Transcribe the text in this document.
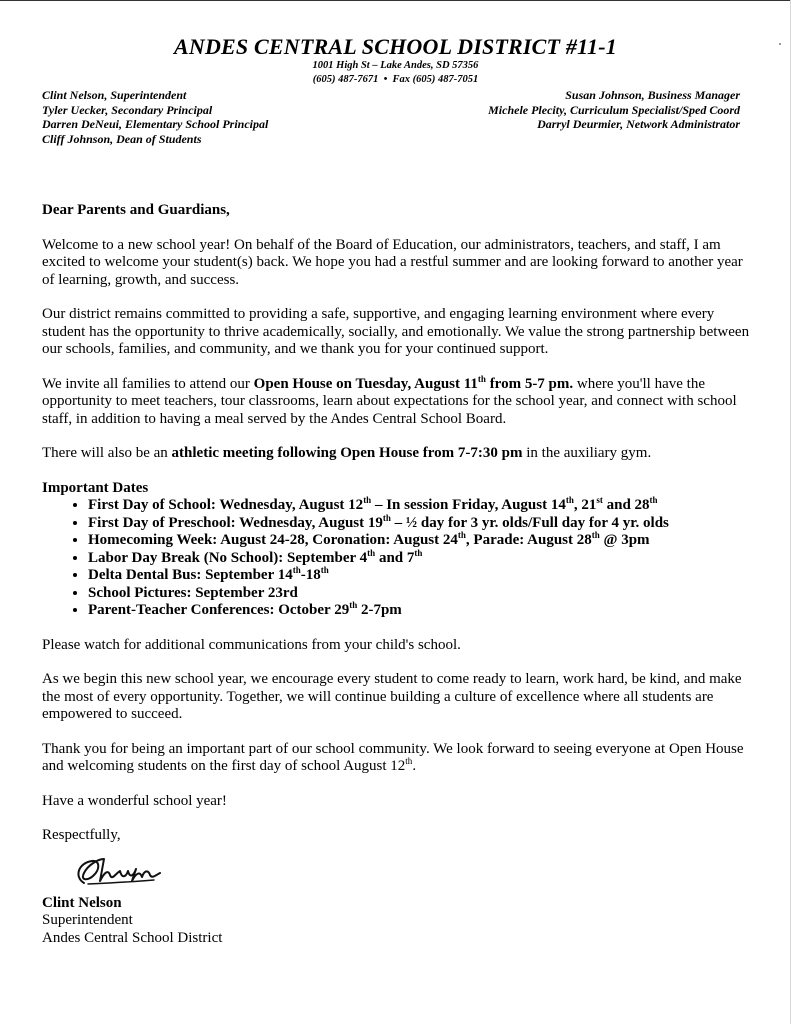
ANDES CENTRAL SCHOOL DISTRICT #11-1
1001 High St – Lake Andes, SD 57356
(605) 487-7671 • Fax (605) 487-7051
Clint Nelson, Superintendent
Tyler Uecker, Secondary Principal
Darren DeNeui, Elementary School Principal
Cliff Johnson, Dean of Students
Susan Johnson, Business Manager
Michele Plecity, Curriculum Specialist/Sped Coord
Darryl Deurmier, Network Administrator

Dear Parents and Guardians,

Welcome to a new school year! On behalf of the Board of Education, our administrators, teachers, and staff, I am excited to welcome your student(s) back. We hope you had a restful summer and are looking forward to another year of learning, growth, and success.

Our district remains committed to providing a safe, supportive, and engaging learning environment where every student has the opportunity to thrive academically, socially, and emotionally. We value the strong partnership between our schools, families, and community, and we thank you for your continued support.

We invite all families to attend our Open House on Tuesday, August 11th from 5-7 pm. where you'll have the opportunity to meet teachers, tour classrooms, learn about expectations for the school year, and connect with school staff, in addition to having a meal served by the Andes Central School Board.

There will also be an athletic meeting following Open House from 7-7:30 pm in the auxiliary gym.

Important Dates

• First Day of School: Wednesday, August 12th – In session Friday, August 14th, 21st and 28th
• First Day of Preschool: Wednesday, August 19th – ½ day for 3 yr. olds/Full day for 4 yr. olds
• Homecoming Week: August 24-28, Coronation: August 24th, Parade: August 28th @ 3pm
• Labor Day Break (No School): September 4th and 7th
• Delta Dental Bus: September 14th-18th
• School Pictures: September 23rd
• Parent-Teacher Conferences: October 29th 2-7pm

Please watch for additional communications from your child's school.

As we begin this new school year, we encourage every student to come ready to learn, work hard, be kind, and make the most of every opportunity. Together, we will continue building a culture of excellence where all students are empowered to succeed.

Thank you for being an important part of our school community. We look forward to seeing everyone at Open House and welcoming students on the first day of school August 12th.

Have a wonderful school year!

Respectfully,

Clint Nelson

Superintendent

Andes Central School District
